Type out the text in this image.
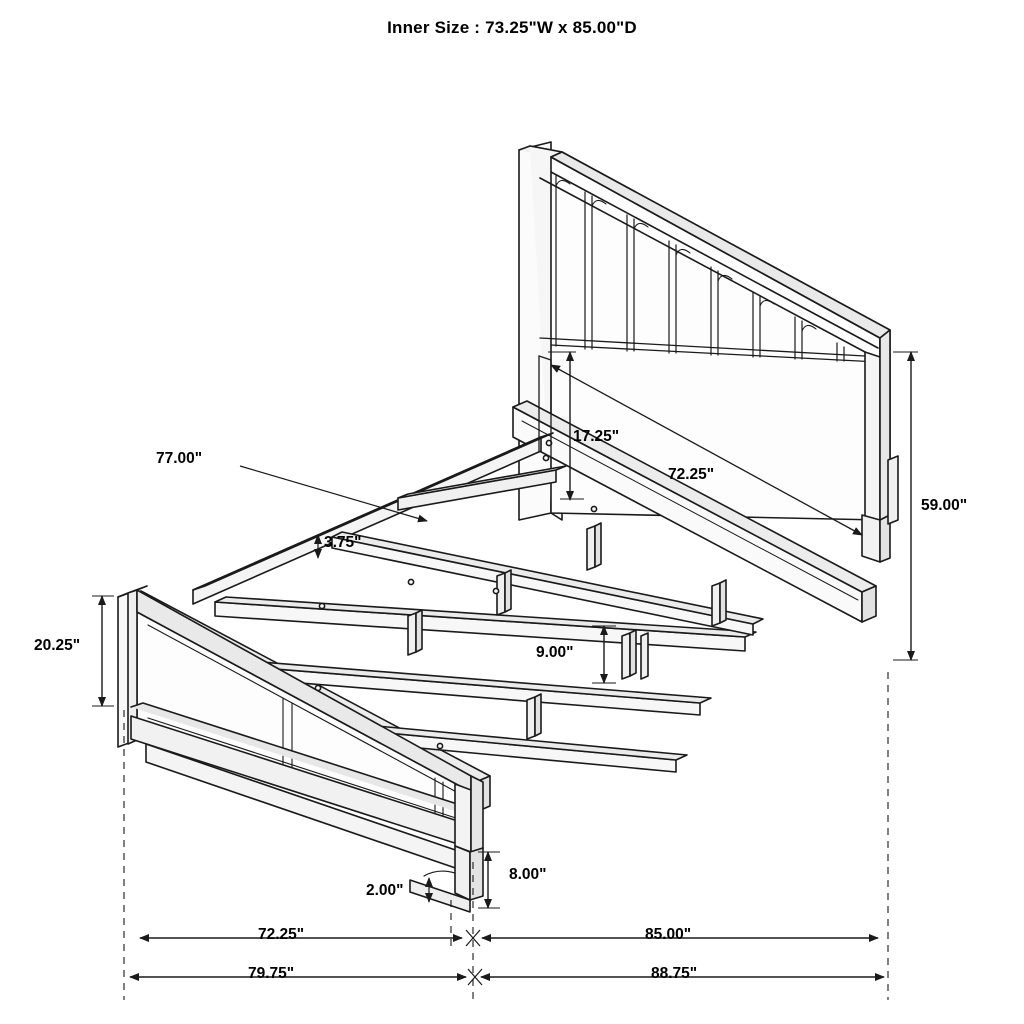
Inner Size : 73.25"W x 85.00"D
17.25"
72.25"
59.00"
77.00"
3.75"
20.25"	9.00"
8.00"
2.00"
72.25"	85.00"
79.75"	88.75"
